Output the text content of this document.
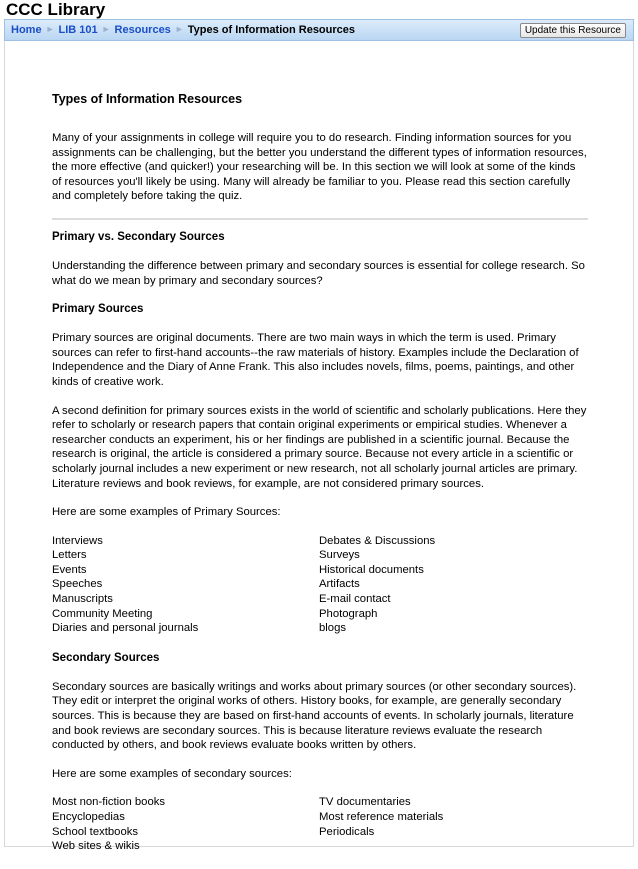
CCC Library
Home ► LIB 101 ► Resources ► Types of Information Resources	Update this Resource
Types of Information Resources

Many of your assignments in college will require you to do research. Finding information sources for you assignments can be challenging, but the better you understand the different types of information resources, the more effective (and quicker!) your researching will be. In this section we will look at some of the kinds of resources you'll likely be using. Many will already be familiar to you. Please read this section carefully and completely before taking the quiz.

Primary vs. Secondary Sources

Understanding the difference between primary and secondary sources is essential for college research. So what do we mean by primary and secondary sources?

Primary Sources

Primary sources are original documents. There are two main ways in which the term is used. Primary sources can refer to first-hand accounts--the raw materials of history. Examples include the Declaration of Independence and the Diary of Anne Frank. This also includes novels, films, poems, paintings, and other kinds of creative work.

A second definition for primary sources exists in the world of scientific and scholarly publications. Here they refer to scholarly or research papers that contain original experiments or empirical studies. Whenever a researcher conducts an experiment, his or her findings are published in a scientific journal. Because the research is original, the article is considered a primary source. Because not every article in a scientific or scholarly journal includes a new experiment or new research, not all scholarly journal articles are primary. Literature reviews and book reviews, for example, are not considered primary sources.

Here are some examples of Primary Sources:

Interviews
Letters
Events
Speeches
Manuscripts
Community Meeting
Diaries and personal journals
Debates & Discussions
Surveys
Historical documents
Artifacts
E-mail contact
Photograph
blogs
Secondary Sources

Secondary sources are basically writings and works about primary sources (or other secondary sources). They edit or interpret the original works of others. History books, for example, are generally secondary sources. This is because they are based on first-hand accounts of events. In scholarly journals, literature and book reviews are secondary sources. This is because literature reviews evaluate the research conducted by others, and book reviews evaluate books written by others.

Here are some examples of secondary sources:

Most non-fiction books
Encyclopedias
School textbooks
Web sites & wikis
TV documentaries
Most reference materials
Periodicals
